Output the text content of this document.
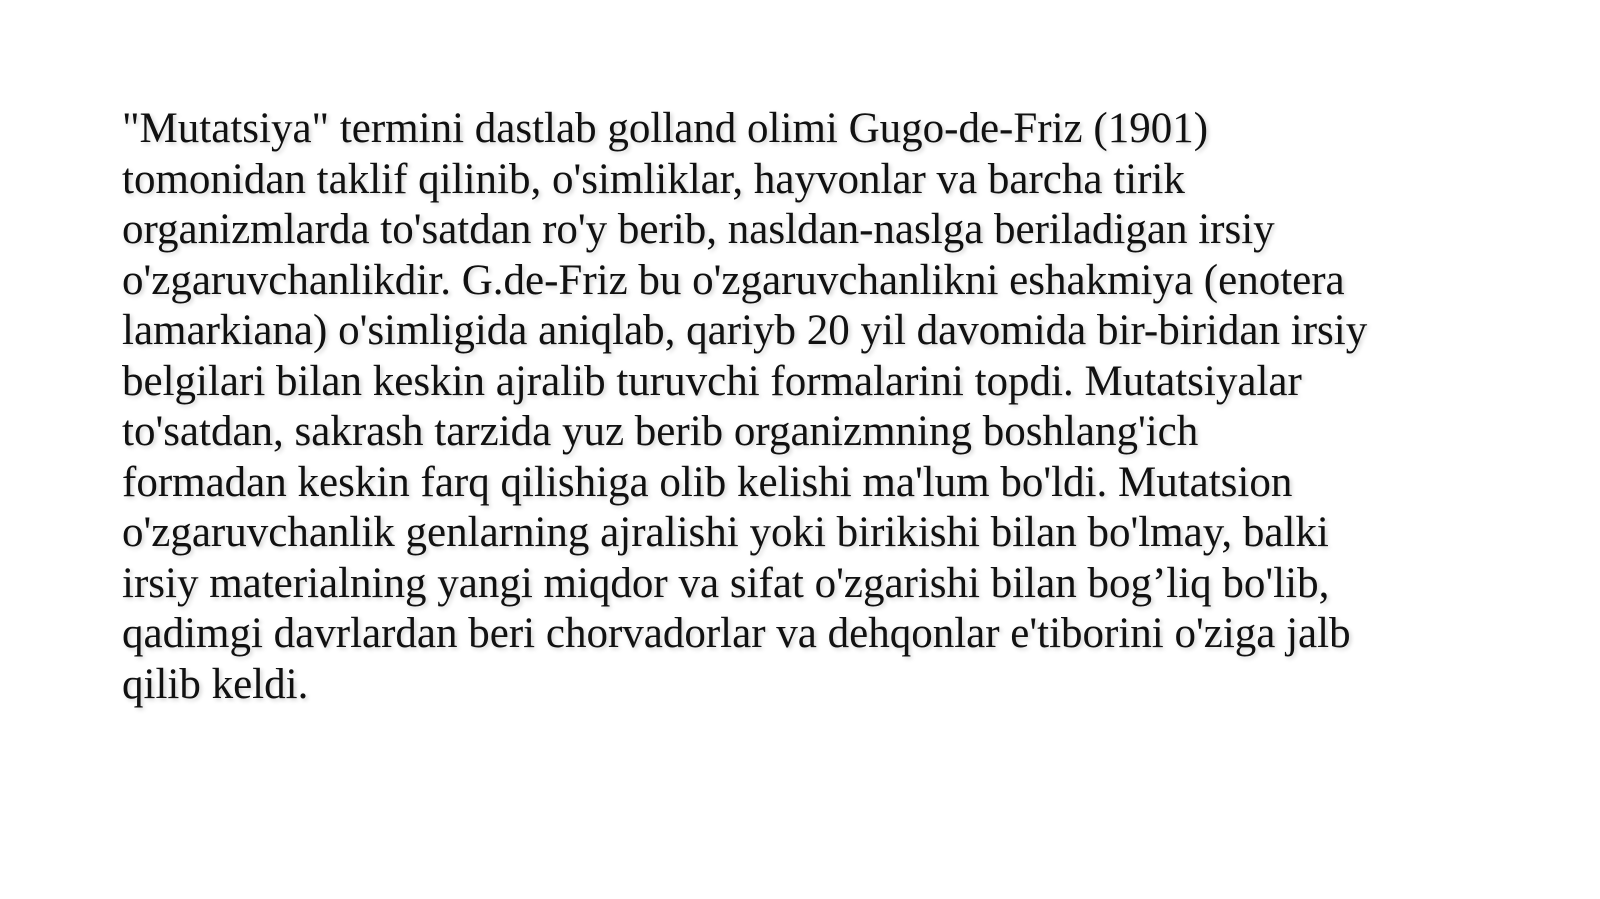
"Mutatsiya" termini dastlab golland olimi Gugo-de-Friz (1901)
tomonidan taklif qilinib, o'simliklar, hayvonlar va barcha tirik
organizmlarda to'satdan ro'y berib, nasldan-naslga beriladigan irsiy
o'zgaruvchanlikdir. G.de-Friz bu o'zgaruvchanlikni eshakmiya (enotera
lamarkiana) o'simligida aniqlab, qariyb 20 yil davomida bir-biridan irsiy
belgilari bilan keskin ajralib turuvchi formalarini topdi. Mutatsiyalar
to'satdan, sakrash tarzida yuz berib organizmning boshlang'ich
formadan keskin farq qilishiga olib kelishi ma'lum bo'ldi. Mutatsion
o'zgaruvchanlik genlarning ajralishi yoki birikishi bilan bo'lmay, balki
irsiy materialning yangi miqdor va sifat o'zgarishi bilan bog’liq bo'lib,
qadimgi davrlardan beri chorvadorlar va dehqonlar e'tiborini o'ziga jalb
qilib keldi.
